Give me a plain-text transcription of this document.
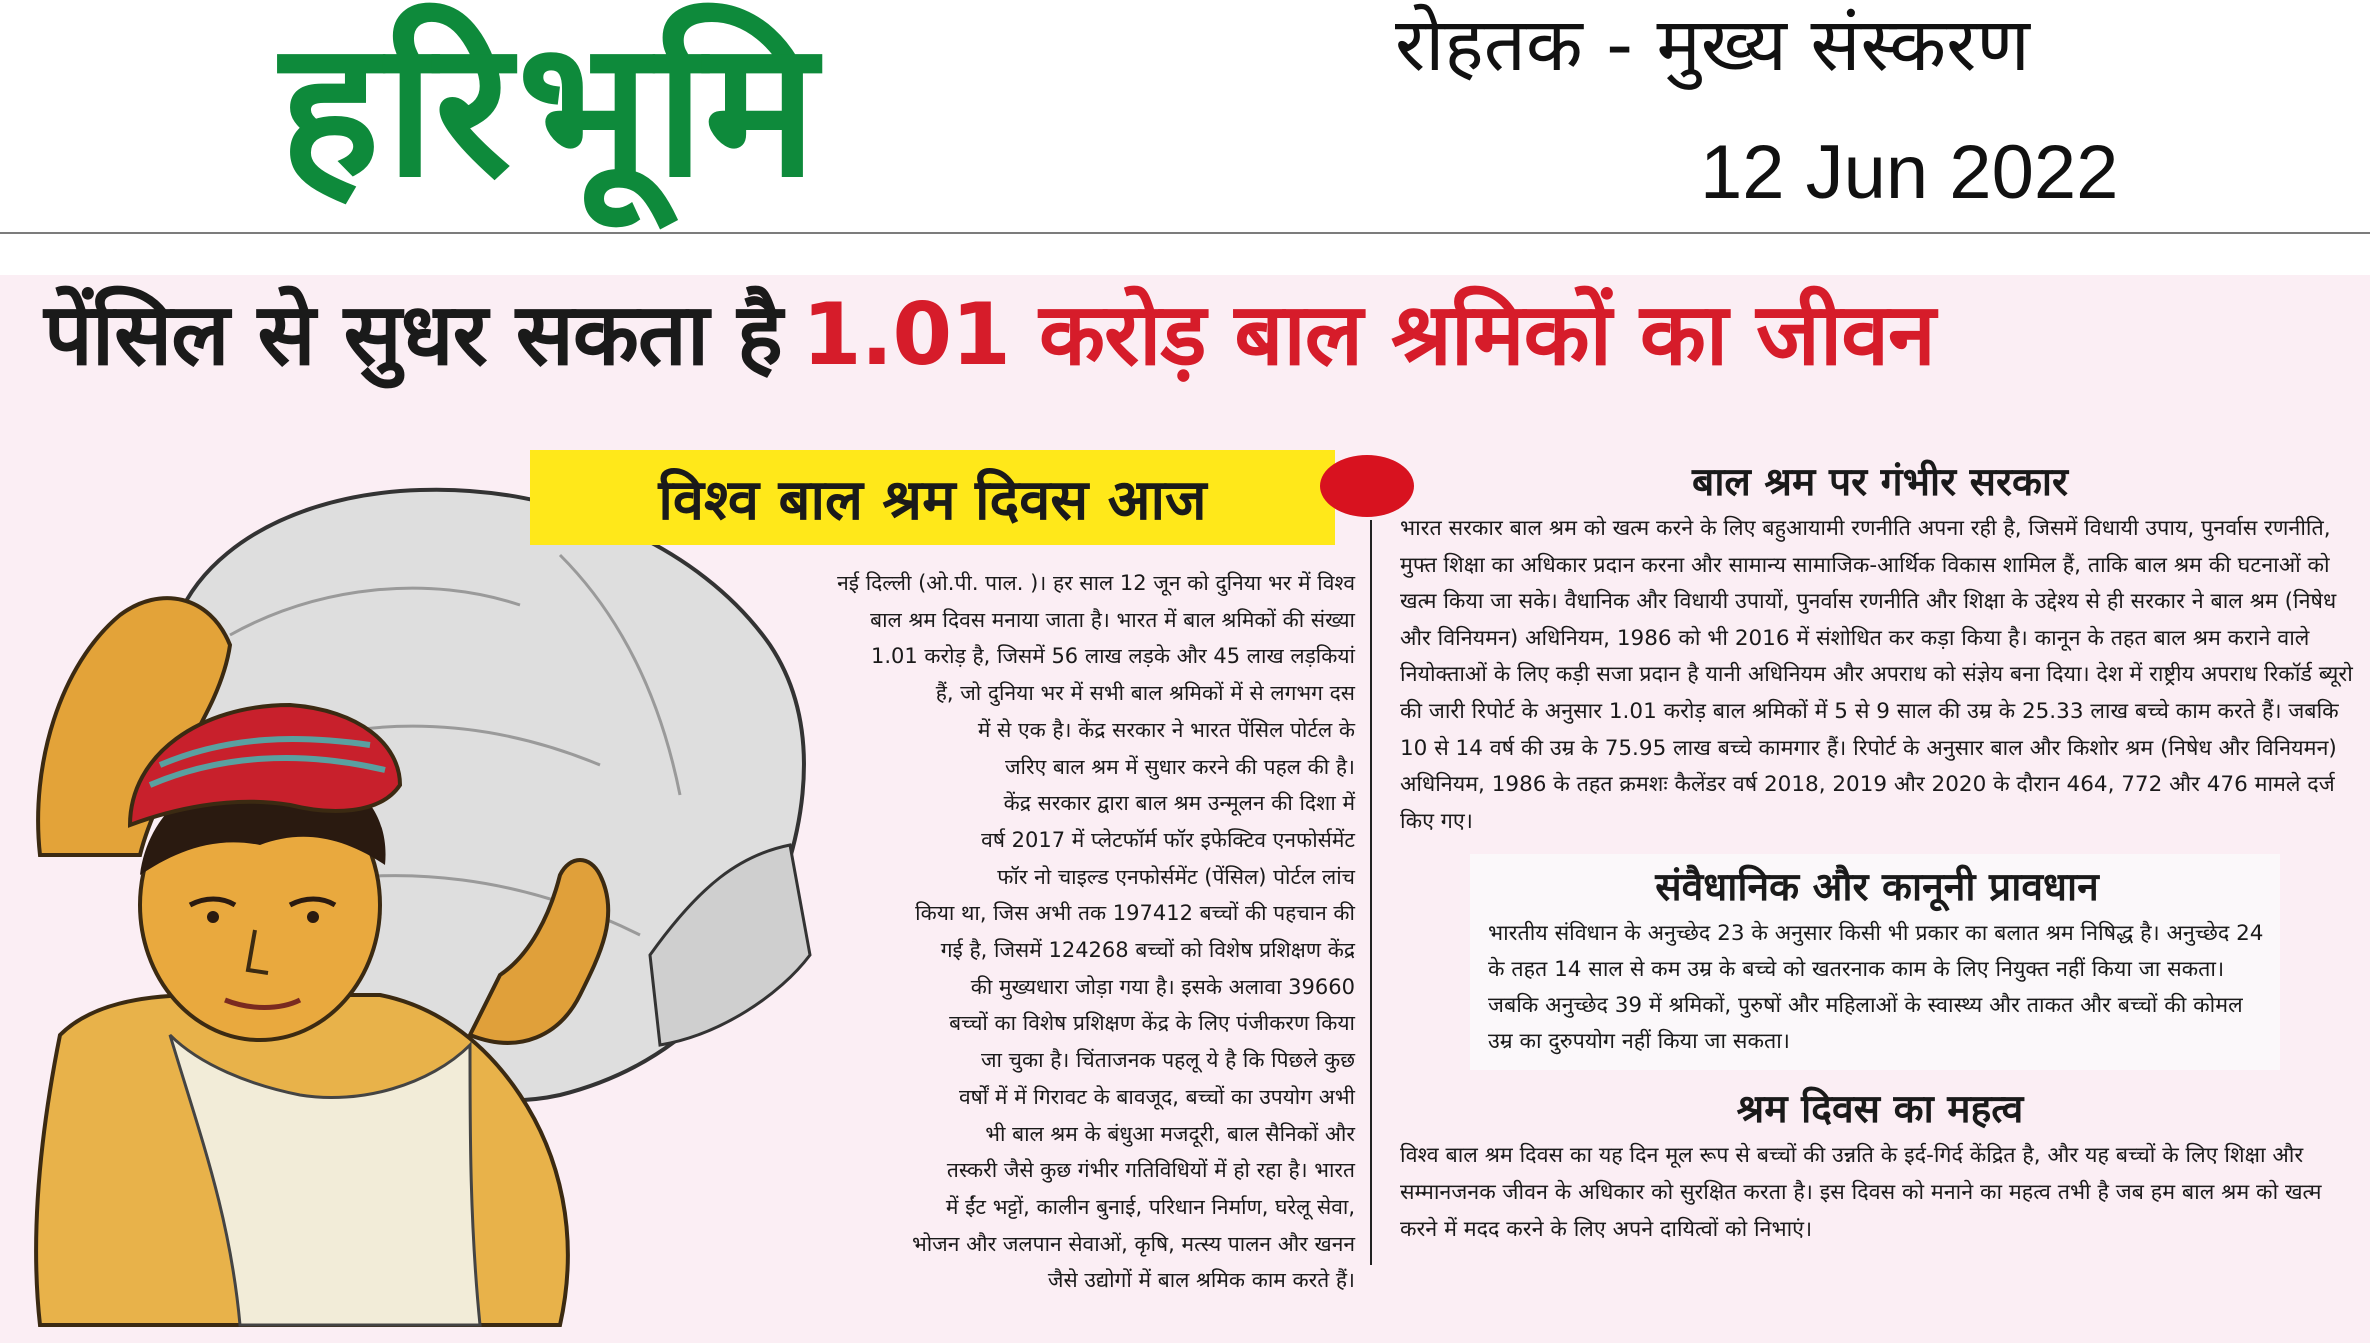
हरिभूमि	रोहतक - मुख्य संस्करण
12 Jun 2022
पेंसिल से सुधर सकता है 1.01 करोड़ बाल श्रमिकों का जीवन
विश्व बाल श्रम दिवस आज
नई दिल्ली (ओ.पी. पाल. )। हर साल 12 जून को दुनिया भर में विश्व
बाल श्रम दिवस मनाया जाता है। भारत में बाल श्रमिकों की संख्या
1.01 करोड़ है, जिसमें 56 लाख लड़के और 45 लाख लड़कियां
हैं, जो दुनिया भर में सभी बाल श्रमिकों में से लगभग दस
में से एक है। केंद्र सरकार ने भारत पेंसिल पोर्टल के
जरिए बाल श्रम में सुधार करने की पहल की है।
केंद्र सरकार द्वारा बाल श्रम उन्मूलन की दिशा में
वर्ष 2017 में प्लेटफॉर्म फॉर इफेक्टिव एनफोर्समेंट
फॉर नो चाइल्ड एनफोर्समेंट (पेंसिल) पोर्टल लांच
किया था, जिस अभी तक 197412 बच्चों की पहचान की
गई है, जिसमें 124268 बच्चों को विशेष प्रशिक्षण केंद्र
की मुख्यधारा जोड़ा गया है। इसके अलावा 39660
बच्चों का विशेष प्रशिक्षण केंद्र के लिए पंजीकरण किया
जा चुका है। चिंताजनक पहलू ये है कि पिछले कुछ
वर्षों में में गिरावट के बावजूद, बच्चों का उपयोग अभी
भी बाल श्रम के बंधुआ मजदूरी, बाल सैनिकों और
तस्करी जैसे कुछ गंभीर गतिविधियों में हो रहा है। भारत
में ईंट भट्टों, कालीन बुनाई, परिधान निर्माण, घरेलू सेवा,
भोजन और जलपान सेवाओं, कृषि, मत्स्य पालन और खनन
जैसे उद्योगों में बाल श्रमिक काम करते हैं।
बाल श्रम पर गंभीर सरकार
भारत सरकार बाल श्रम को खत्म करने के लिए बहुआयामी रणनीति अपना रही है, जिसमें विधायी उपाय, पुनर्वास रणनीति, मुफ्त शिक्षा का अधिकार प्रदान करना और सामान्य सामाजिक-आर्थिक विकास शामिल हैं, ताकि बाल श्रम की घटनाओं को खत्म किया जा सके। वैधानिक और विधायी उपायों, पुनर्वास रणनीति और शिक्षा के उद्देश्य से ही सरकार ने बाल श्रम (निषेध और विनियमन) अधिनियम, 1986 को भी 2016 में संशोधित कर कड़ा किया है। कानून के तहत बाल श्रम कराने वाले नियोक्ताओं के लिए कड़ी सजा प्रदान है यानी अधिनियम और अपराध को संज्ञेय बना दिया। देश में राष्ट्रीय अपराध रिकॉर्ड ब्यूरो की जारी रिपोर्ट के अनुसार 1.01 करोड़ बाल श्रमिकों में 5 से 9 साल की उम्र के 25.33 लाख बच्चे काम करते हैं। जबकि 10 से 14 वर्ष की उम्र के 75.95 लाख बच्चे कामगार हैं। रिपोर्ट के अनुसार बाल और किशोर श्रम (निषेध और विनियमन) अधिनियम, 1986 के तहत क्रमशः कैलेंडर वर्ष 2018, 2019 और 2020 के दौरान 464, 772 और 476 मामले दर्ज किए गए।
संवैधानिक और कानूनी प्रावधान
भारतीय संविधान के अनुच्छेद 23 के अनुसार किसी भी प्रकार का बलात श्रम निषिद्ध है। अनुच्छेद 24 के तहत 14 साल से कम उम्र के बच्चे को खतरनाक काम के लिए नियुक्त नहीं किया जा सकता। जबकि अनुच्छेद 39 में श्रमिकों, पुरुषों और महिलाओं के स्वास्थ्य और ताकत और बच्चों की कोमल उम्र का दुरुपयोग नहीं किया जा सकता।
श्रम दिवस का महत्व
विश्व बाल श्रम दिवस का यह दिन मूल रूप से बच्चों की उन्नति के इर्द-गिर्द केंद्रित है, और यह बच्चों के लिए शिक्षा और सम्मानजनक जीवन के अधिकार को सुरक्षित करता है। इस दिवस को मनाने का महत्व तभी है जब हम बाल श्रम को खत्म करने में मदद करने के लिए अपने दायित्वों को निभाएं।
